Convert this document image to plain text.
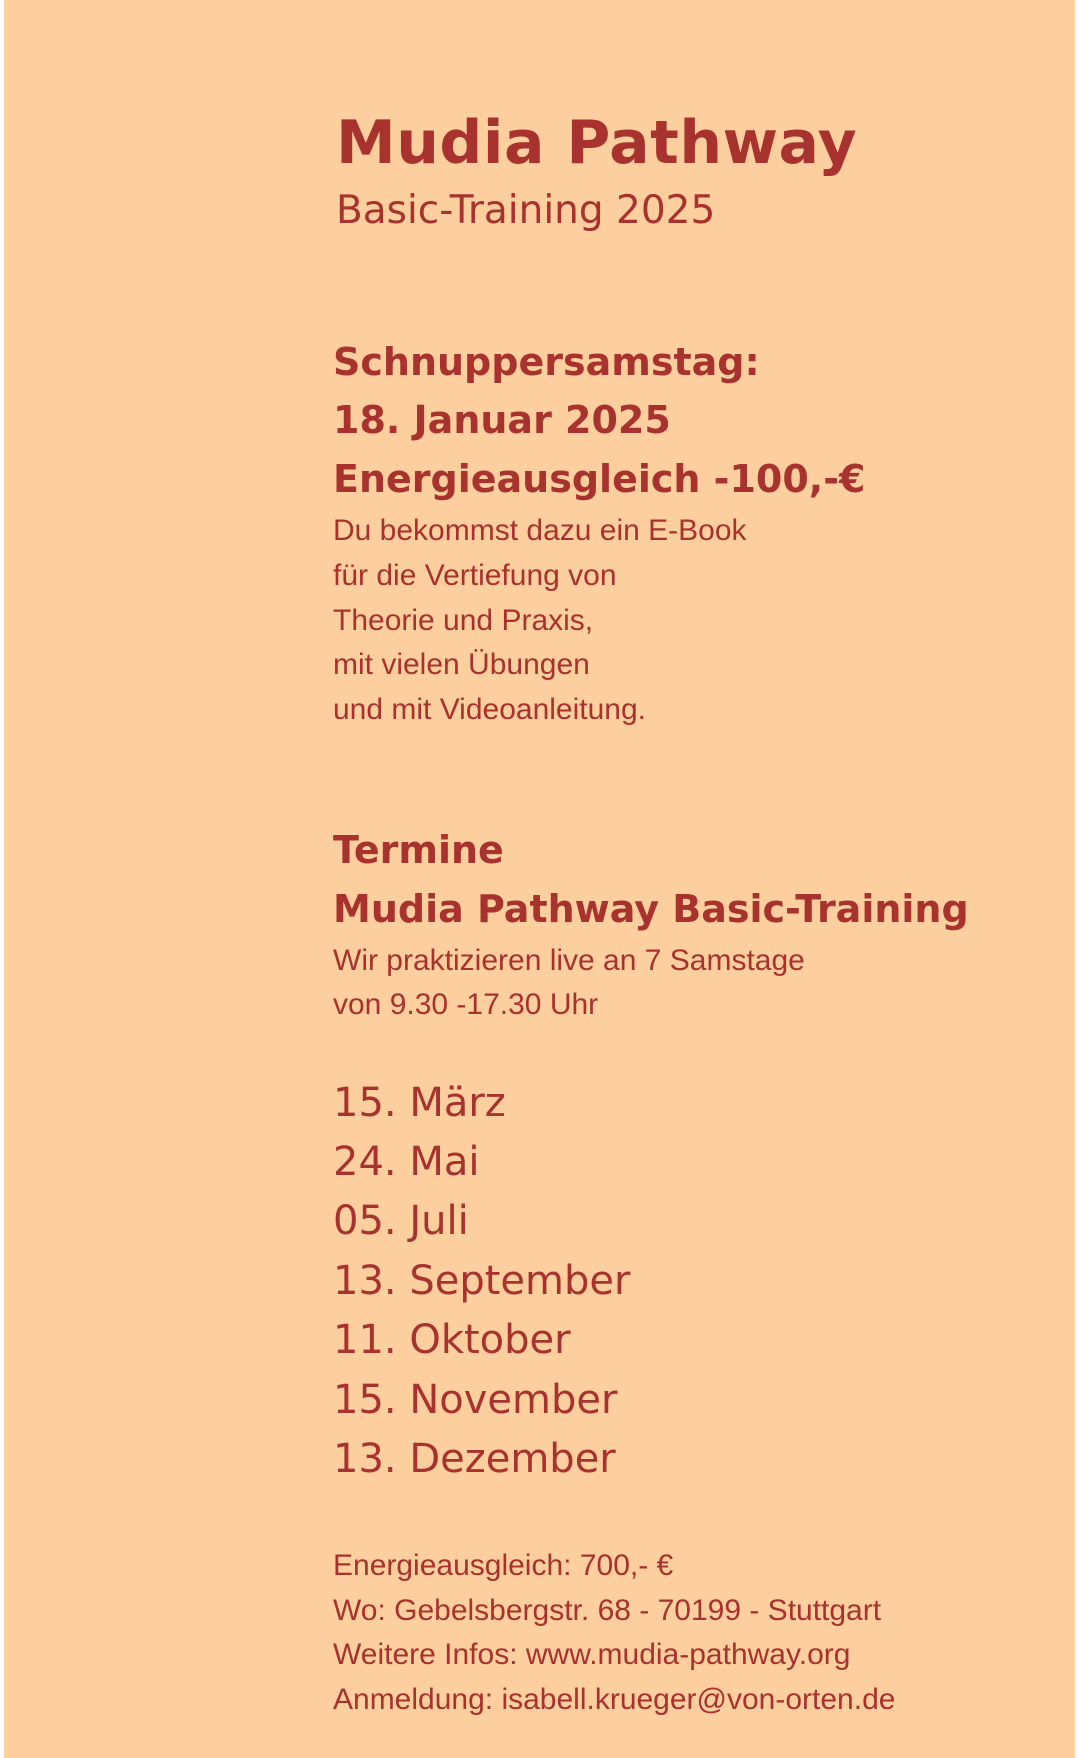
Mudia Pathway
Basic-Training 2025
Schnuppersamstag:
18. Januar 2025
Energieausgleich -100,-€
Du bekommst dazu ein E-Book
für die Vertiefung von
Theorie und Praxis,
mit vielen Übungen
und mit Videoanleitung.
Termine
Mudia Pathway Basic-Training
Wir praktizieren live an 7 Samstage
von 9.30 -17.30 Uhr
15. März
24. Mai
05. Juli
13. September
11. Oktober
15. November
13. Dezember
Energieausgleich: 700,- €
Wo: Gebelsbergstr. 68 - 70199 - Stuttgart
Weitere Infos: www.mudia-pathway.org
Anmeldung: isabell.krueger@von-orten.de
